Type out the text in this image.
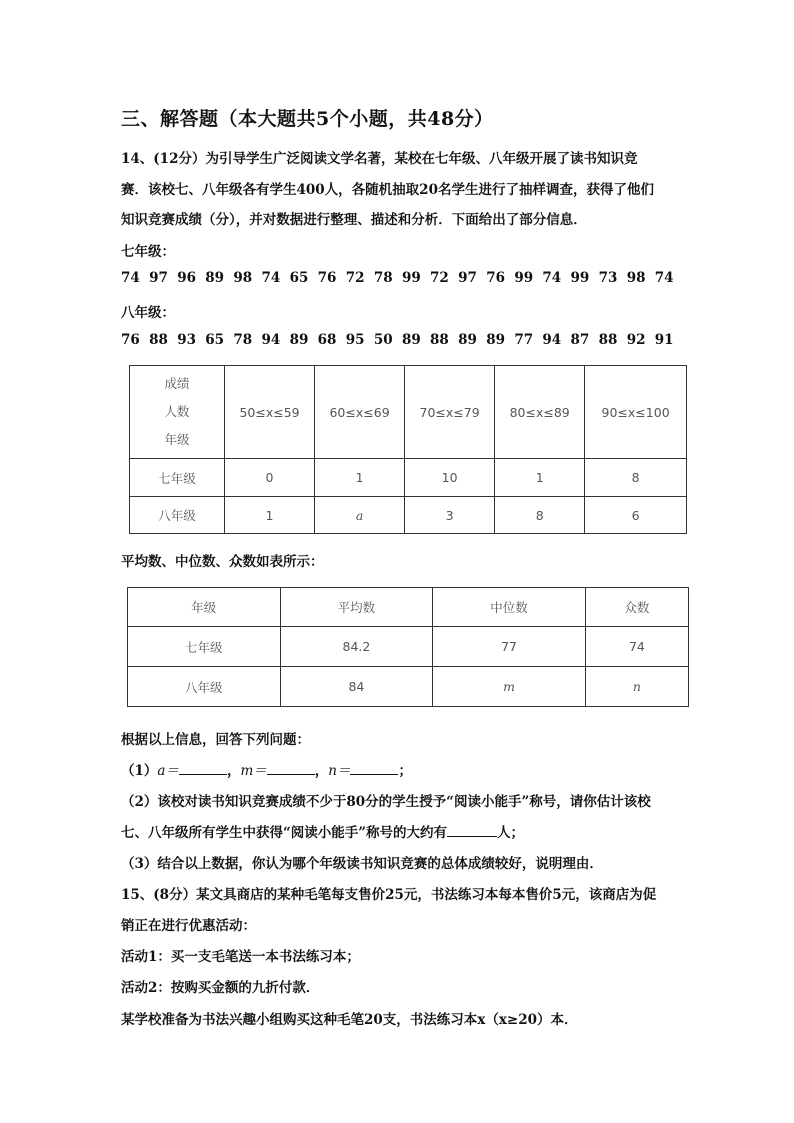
三、解答题（本大题共5个小题，共48分）
14、(12分）为引导学生广泛阅读文学名著，某校在七年级、八年级开展了读书知识竞
赛．该校七、八年级各有学生400人，各随机抽取20名学生进行了抽样调查，获得了他们
知识竞赛成绩（分），并对数据进行整理、描述和分析．下面给出了部分信息．
七年级：
74 97 96 89 98 74 65 76 72 78 99 72 97 76 99 74 99 73 98 74
八年级：
76 88 93 65 78 94 89 68 95 50 89 88 89 89 77 94 87 88 92 91
成绩
人数
年级	50≤x≤59	60≤x≤69	70≤x≤79	80≤x≤89	90≤x≤100
七年级	0	1	10	1	8
八年级	1	a	3	8	6
平均数、中位数、众数如表所示：
年级	平均数	中位数	众数
七年级	84.2	77	74
八年级	84	m	n
根据以上信息，回答下列问题：
（1）a＝	，m＝	，n＝	；
（2）该校对读书知识竞赛成绩不少于80分的学生授予“阅读小能手”称号，请你估计该校
七、八年级所有学生中获得“阅读小能手”称号的大约有	人；
（3）结合以上数据，你认为哪个年级读书知识竞赛的总体成绩较好，说明理由．
15、(8分）某文具商店的某种毛笔每支售价25元，书法练习本每本售价5元，该商店为促
销正在进行优惠活动：
活动1：买一支毛笔送一本书法练习本；
活动2：按购买金额的九折付款．
某学校准备为书法兴趣小组购买这种毛笔20支，书法练习本x（x≥20）本．
